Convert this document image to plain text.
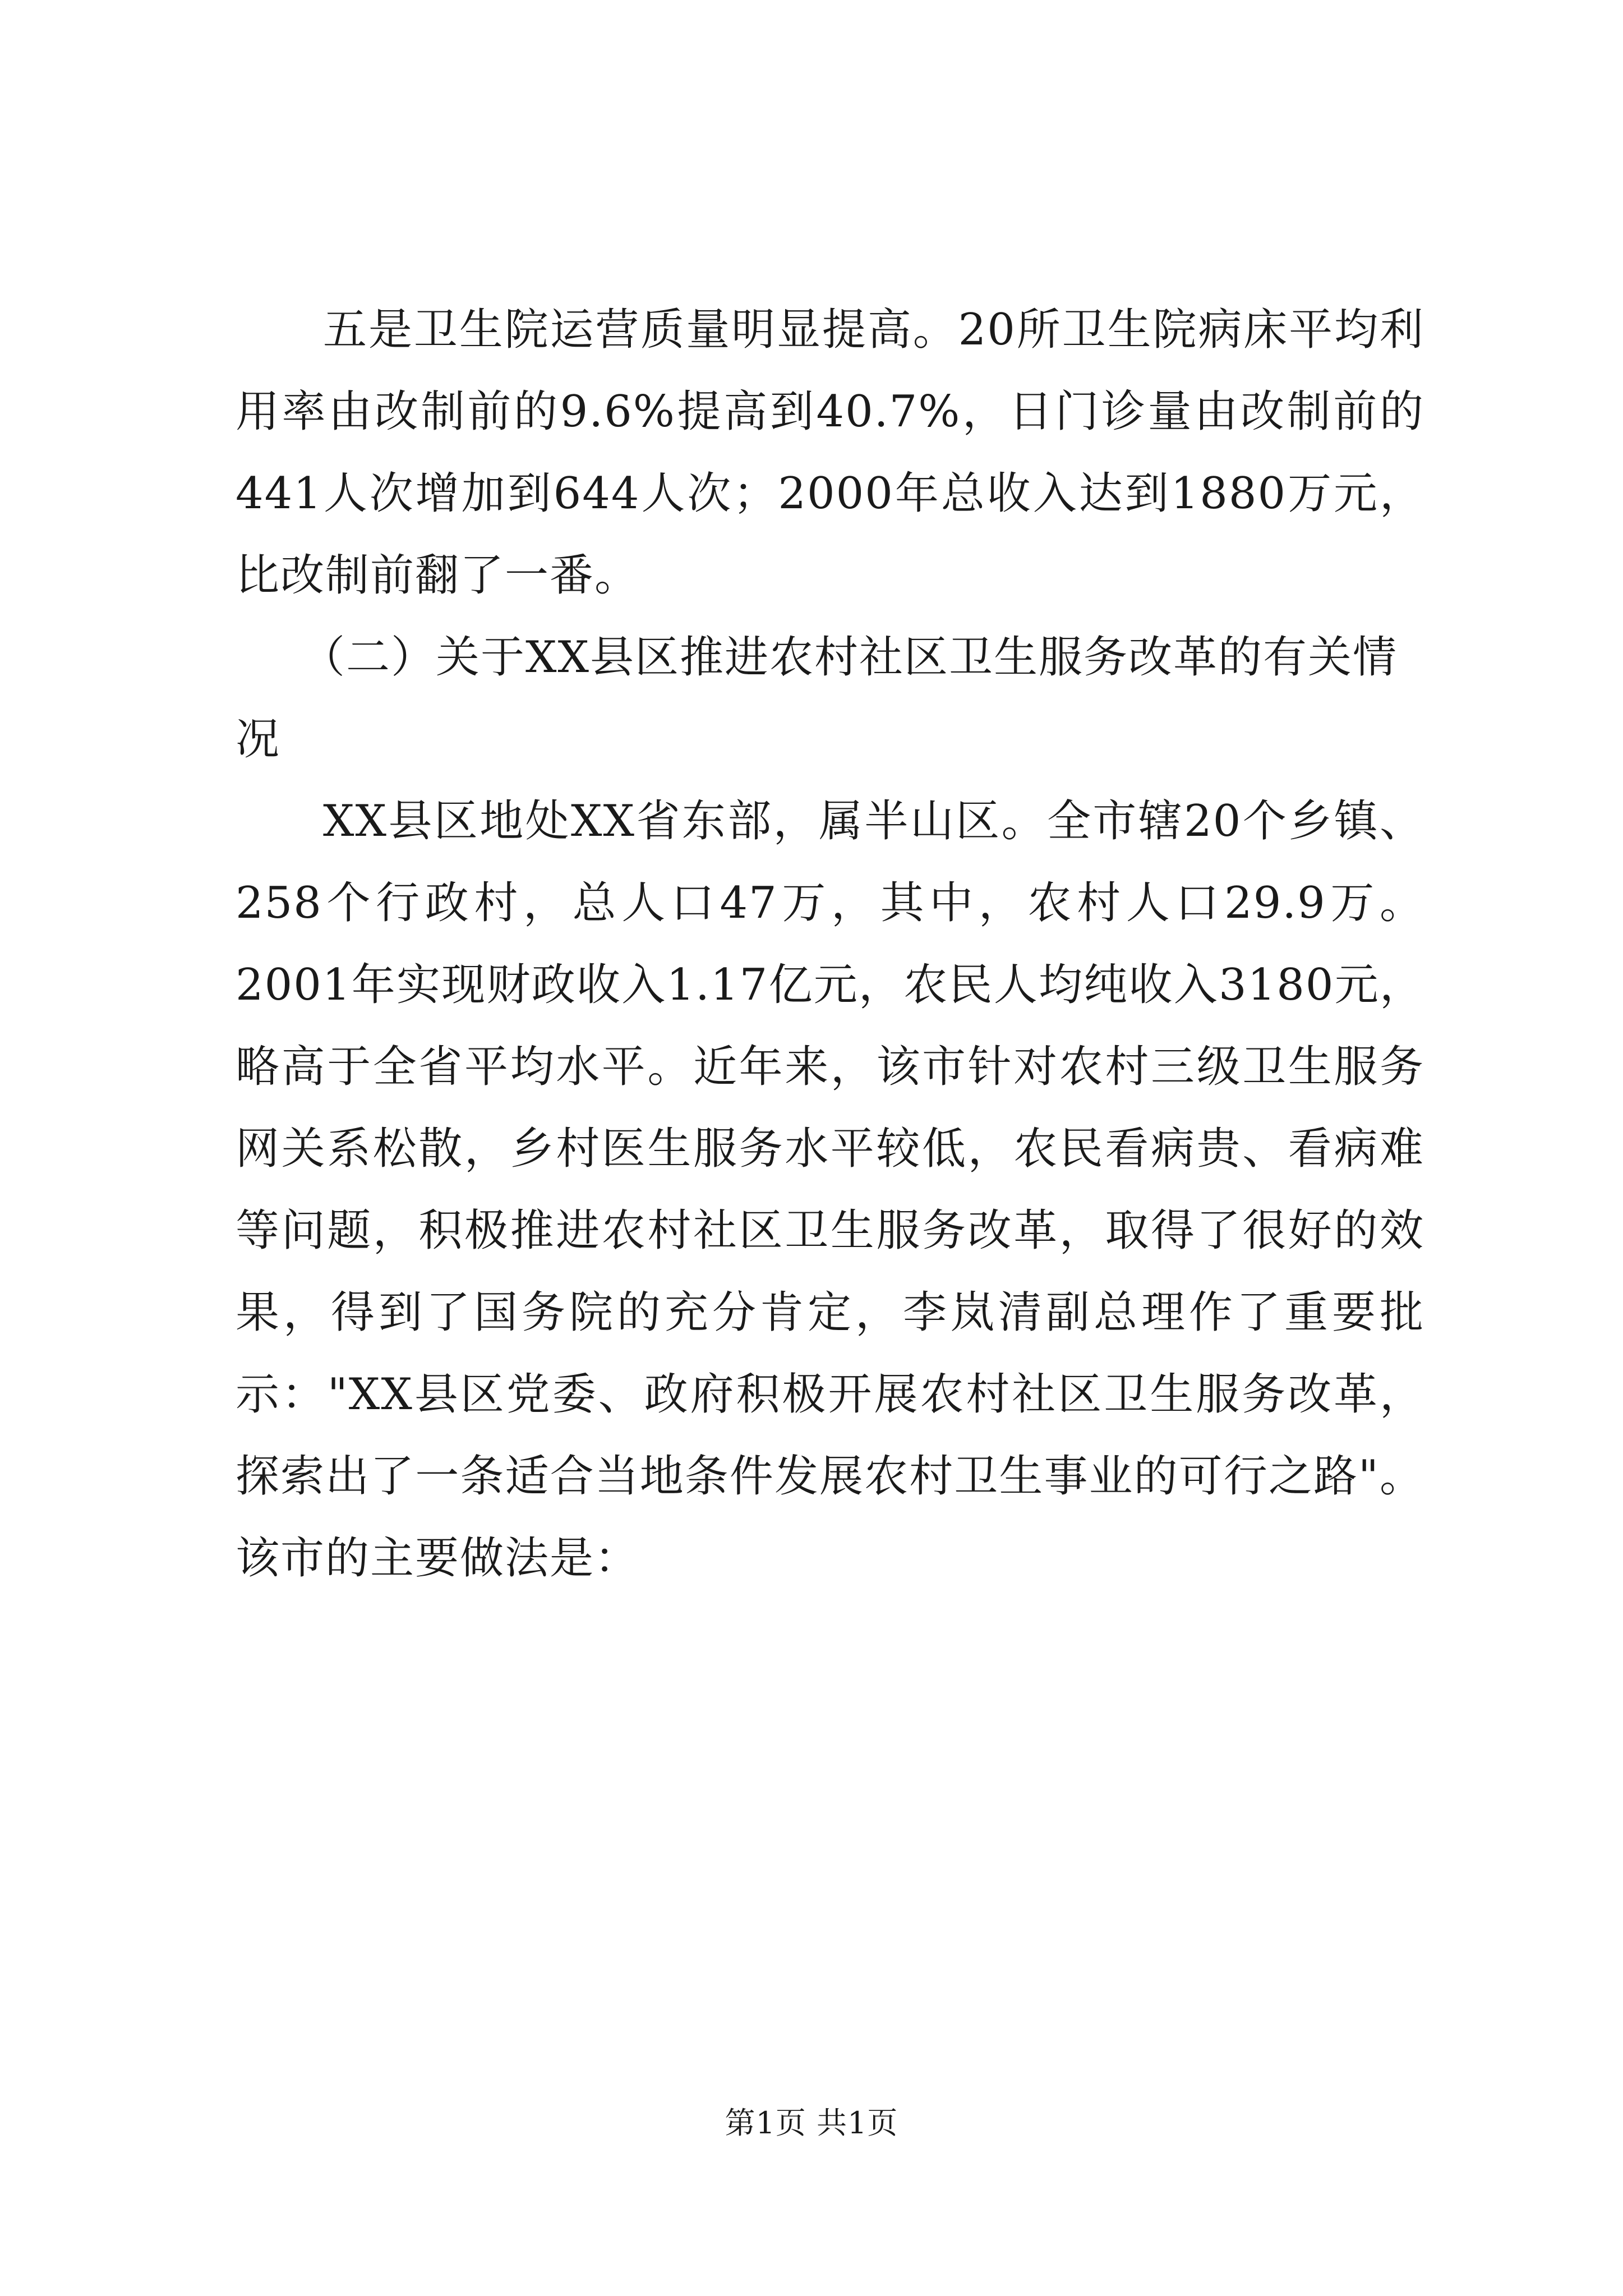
五是卫生院运营质量明显提高。20所卫生院病床平均利用率由改制前的9.6%提高到40.7%，日门诊量由改制前的441人次增加到644人次；2000年总收入达到1880万元，比改制前翻了一番。

（二）关于XX县区推进农村社区卫生服务改革的有关情况

XX县区地处XX省东部，属半山区。全市辖20个乡镇、258个行政村，总人口47万，其中，农村人口29.9万。2001年实现财政收入1.17亿元，农民人均纯收入3180元，略高于全省平均水平。近年来，该市针对农村三级卫生服务网关系松散，乡村医生服务水平较低，农民看病贵、看病难等问题，积极推进农村社区卫生服务改革，取得了很好的效果，得到了国务院的充分肯定，李岚清副总理作了重要批示："XX县区党委、政府积极开展农村社区卫生服务改革，探索出了一条适合当地条件发展农村卫生事业的可行之路"。该市的主要做法是：

第1页 共1页
